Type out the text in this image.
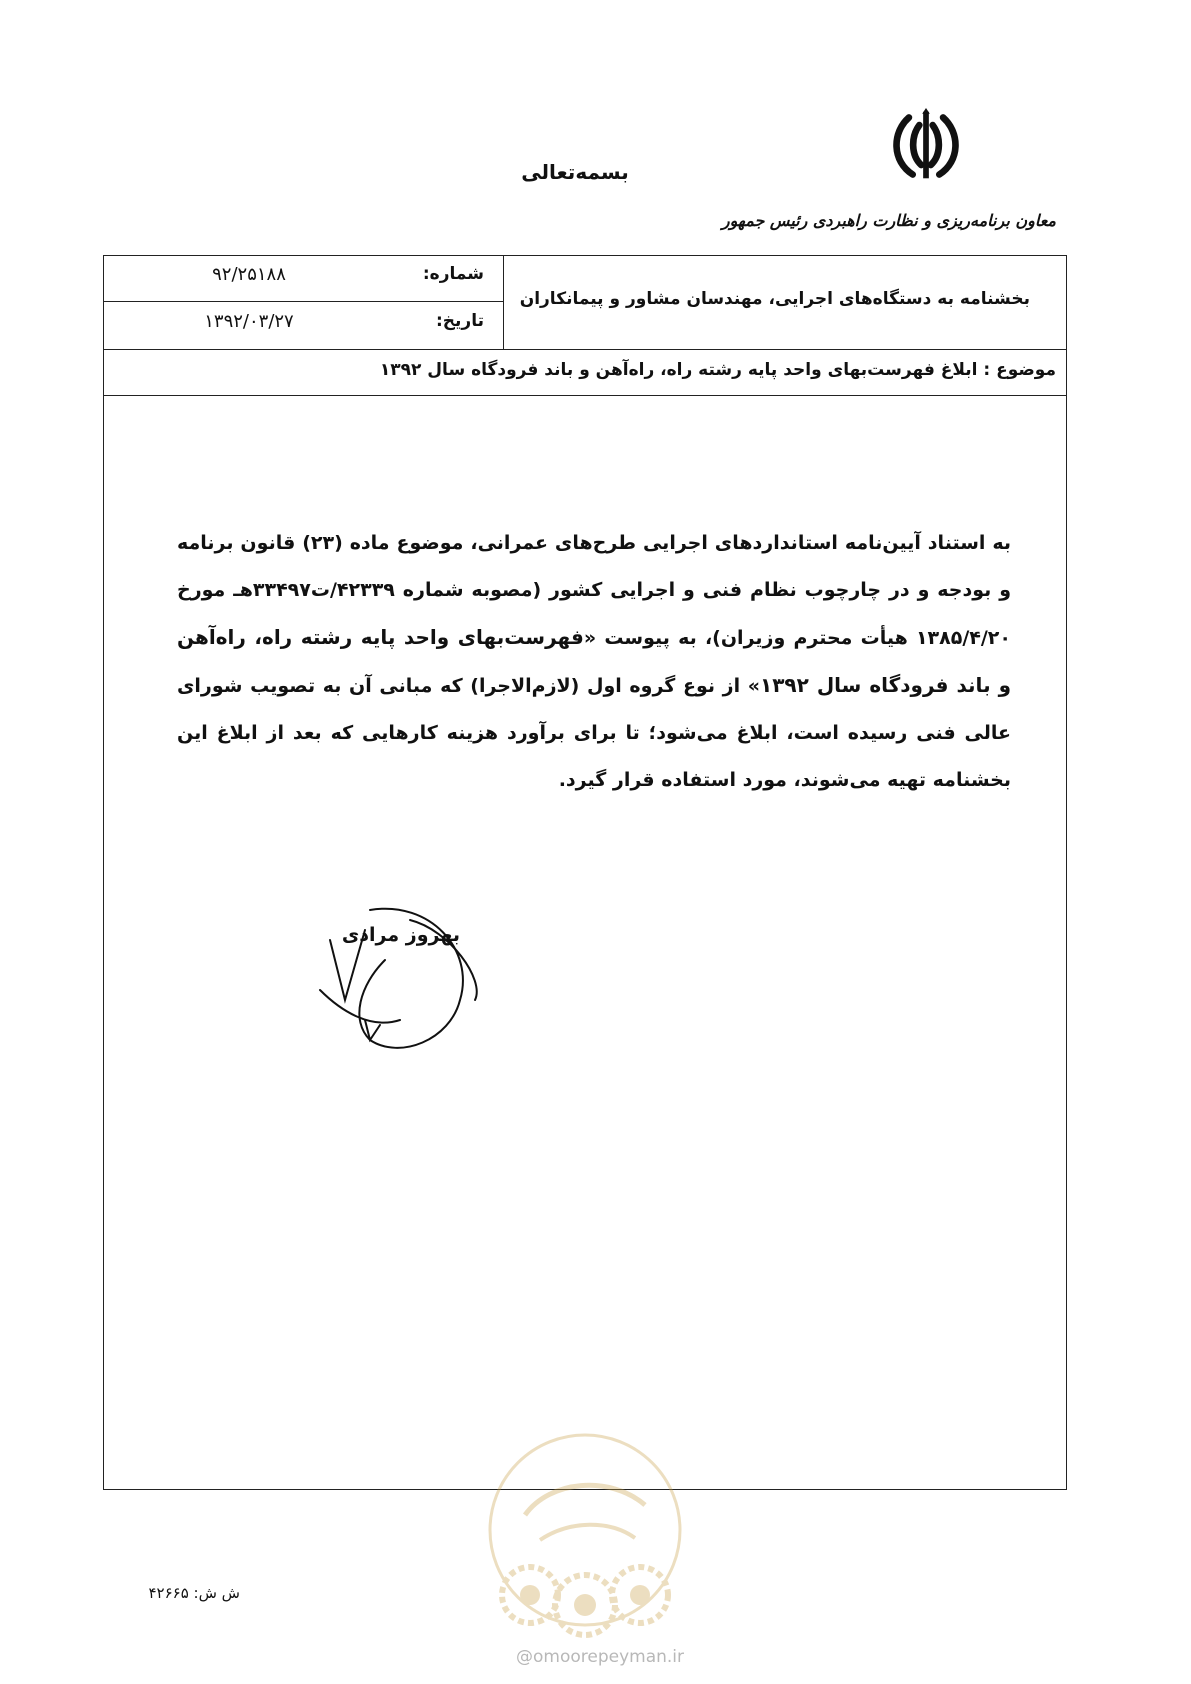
بسمه‌تعالی
معاون برنامه‌ریزی و نظارت راهبردی رئیس جمهور
بخشنامه به دستگاه‌های اجرایی، مهندسان مشاور و پیمانکاران
شماره:
۹۲/۲۵۱۸۸
تاریخ:
۱۳۹۲/۰۳/۲۷
موضوع : ابلاغ فهرست‌بهای واحد پایه رشته راه، راه‌آهن و باند فرودگاه سال ۱۳۹۲
به استناد آیین‌نامه استانداردهای اجرایی طرح‌های عمرانی، موضوع ماده (۲۳) قانون برنامه و بودجه و در چارچوب نظام فنی و اجرایی کشور (مصوبه شماره ۴۲۳۳۹/ت۳۳۴۹۷هـ مورخ ۱۳۸۵/۴/۲۰ هیأت محترم وزیران)، به پیوست «فهرست‌بهای واحد پایه رشته راه، راه‌آهن و باند فرودگاه سال ۱۳۹۲» از نوع گروه اول (لازم‌الاجرا) که مبانی آن به تصویب شورای عالی فنی رسیده است، ابلاغ می‌شود؛ تا برای برآورد هزینه کارهایی که بعد از ابلاغ این بخشنامه تهیه می‌شوند، مورد استفاده قرار گیرد.
بهروز مرادی
@omoorepeyman.ir
ش ش: ۴۲۶۶۵
